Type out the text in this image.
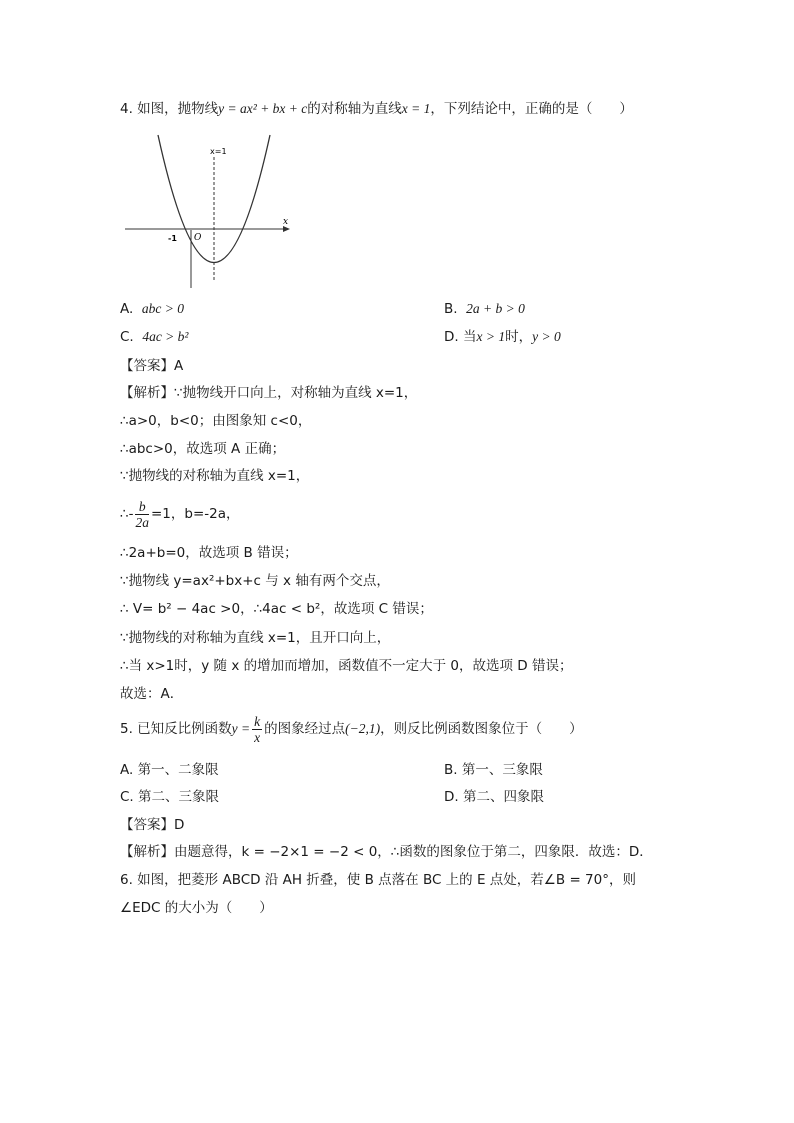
4. 如图，抛物线y = ax² + bx + c的对称轴为直线x = 1，下列结论中，正确的是（　　）
x=1
x
O
-1
A. abc > 0	B. 2a + b > 0
C. 4ac > b²	D. 当x > 1时，y > 0
【答案】A
【解析】∵抛物线开口向上，对称轴为直线 x=1，
∴a>0，b<0；由图象知 c<0，
∴abc>0，故选项 A 正确；
∵抛物线的对称轴为直线 x=1，
∴- $\frac{b}{2a} =1$，b=-2a，
∴2a+b=0，故选项 B 错误；
∵抛物线 y=ax²+bx+c 与 x 轴有两个交点，
∴ V= b² − 4ac >0，∴4ac < b²，故选项 C 错误；
∵抛物线的对称轴为直线 x=1，且开口向上，
∴当 x>1时，y 随 x 的增加而增加，函数值不一定大于 0，故选项 D 错误；
故选：A．
5. 已知反比例函数$y = \frac{k}{x}$ 的图象经过点(−2,1)，则反比例函数图象位于（　　）
A. 第一、二象限	B. 第一、三象限
C. 第二、三象限	D. 第二、四象限
【答案】D
【解析】由题意得，k = −2×1 = −2 < 0，∴函数的图象位于第二，四象限．故选：D．
6. 如图，把菱形 ABCD 沿 AH 折叠，使 B 点落在 BC 上的 E 点处，若∠B = 70°，则
∠EDC 的大小为（　　）
